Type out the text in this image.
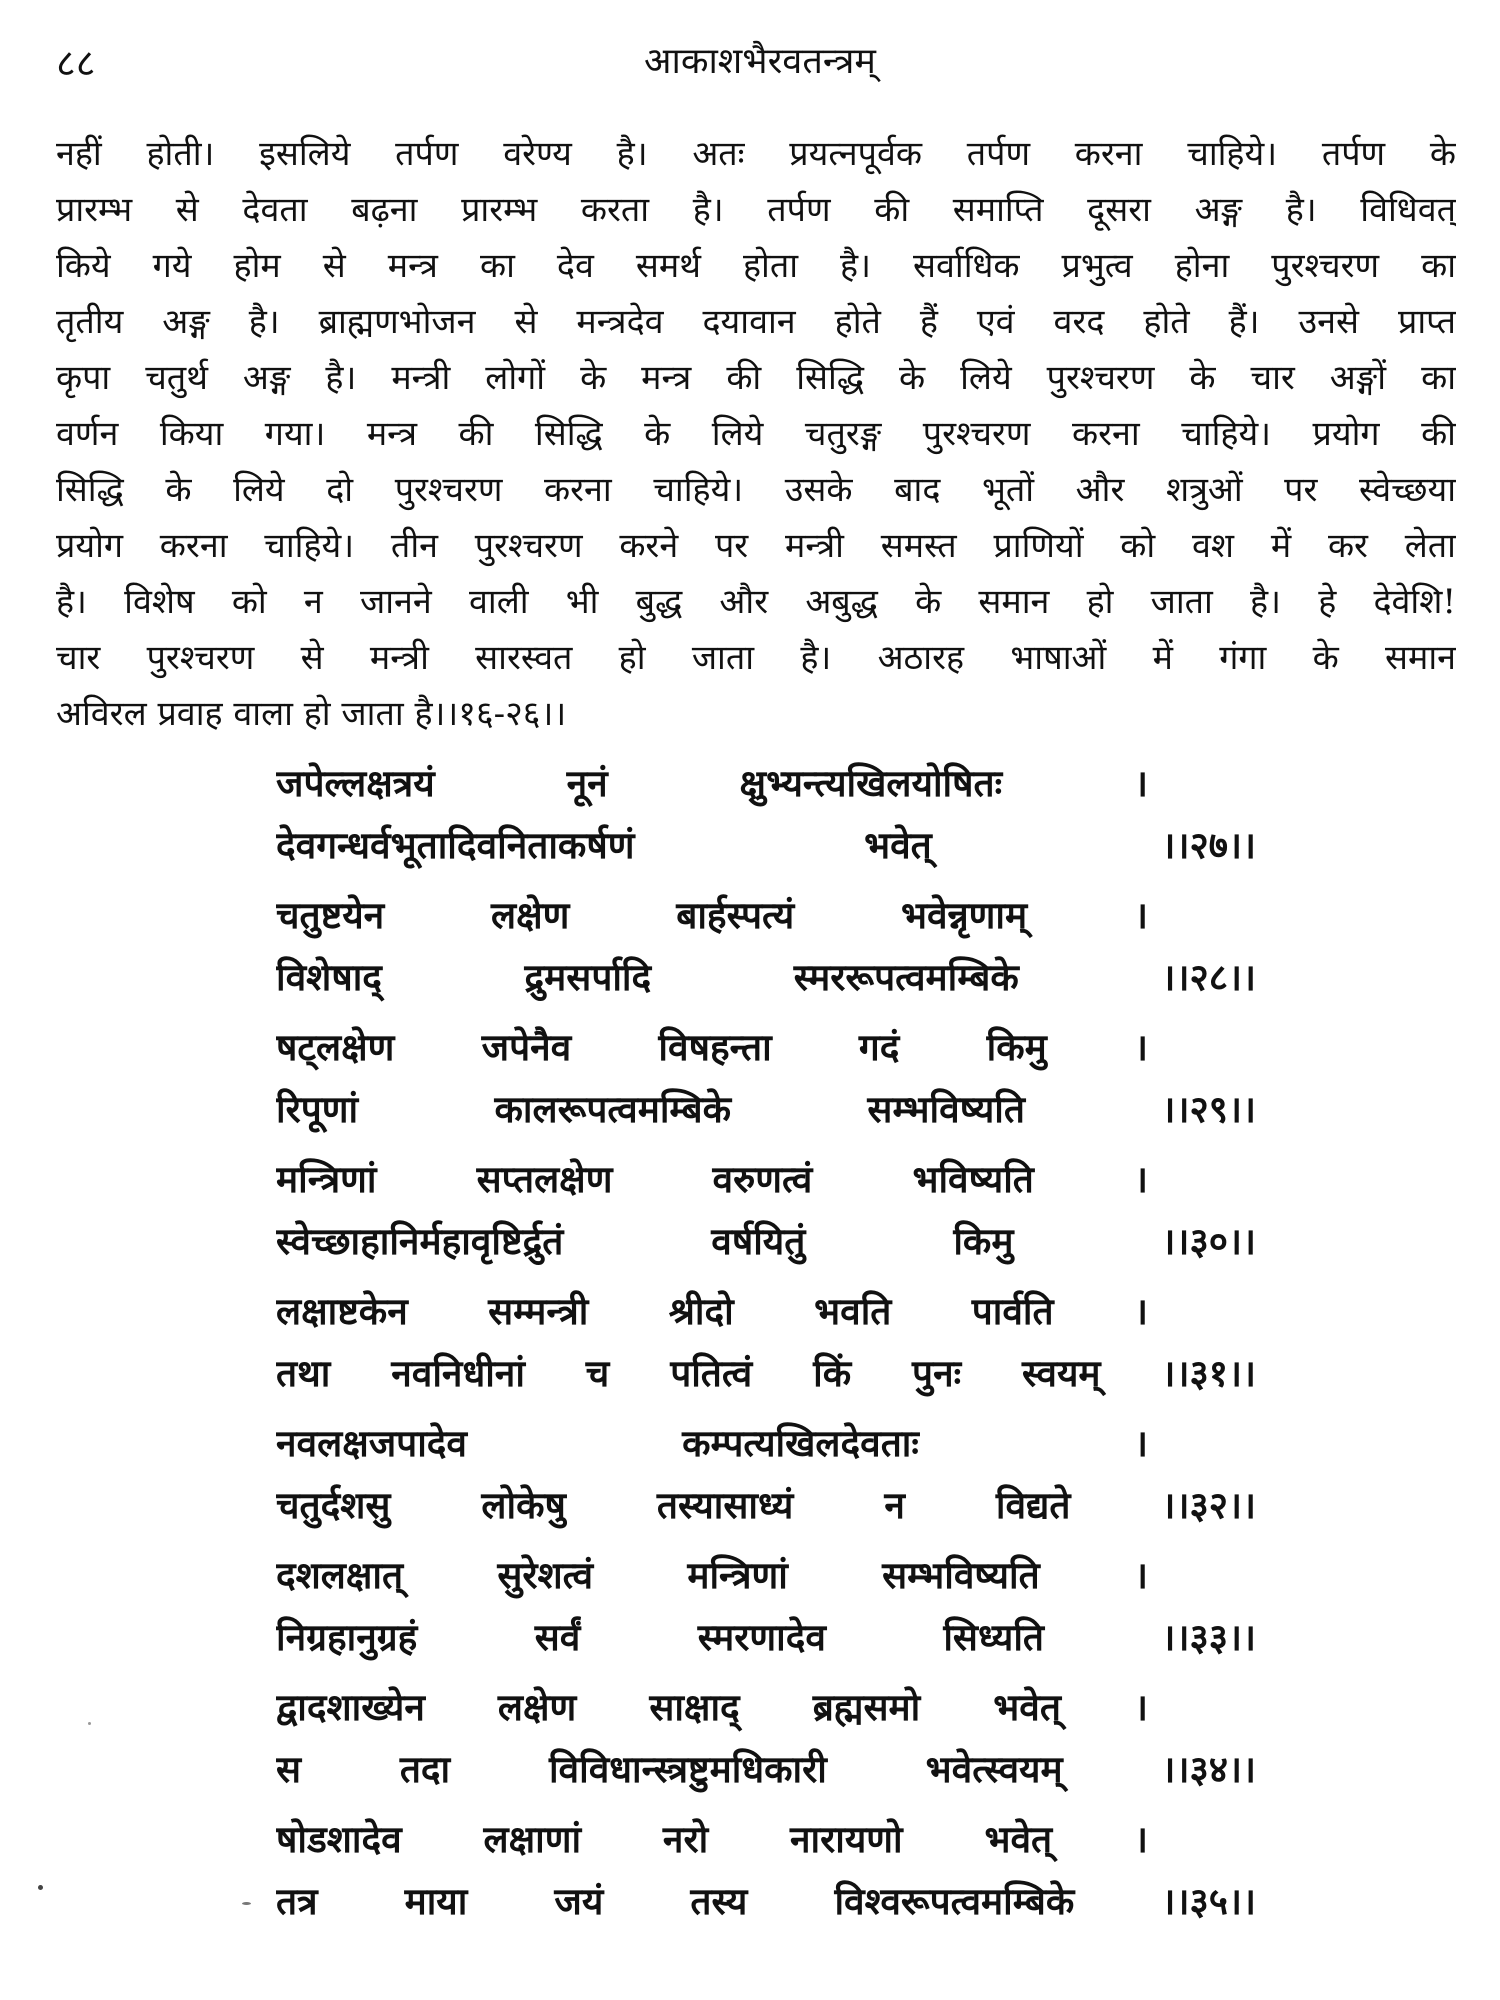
८८	आकाशभैरवतन्त्रम्
नहीं होती। इसलिये तर्पण वरेण्य है। अतः प्रयत्नपूर्वक तर्पण करना चाहिये। तर्पण के
प्रारम्भ से देवता बढ़ना प्रारम्भ करता है। तर्पण की समाप्ति दूसरा अङ्ग है। विधिवत्
किये गये होम से मन्त्र का देव समर्थ होता है। सर्वाधिक प्रभुत्व होना पुरश्चरण का
तृतीय अङ्ग है। ब्राह्मणभोजन से मन्त्रदेव दयावान होते हैं एवं वरद होते हैं। उनसे प्राप्त
कृपा चतुर्थ अङ्ग है। मन्त्री लोगों के मन्त्र की सिद्धि के लिये पुरश्चरण के चार अङ्गों का
वर्णन किया गया। मन्त्र की सिद्धि के लिये चतुरङ्ग पुरश्चरण करना चाहिये। प्रयोग की
सिद्धि के लिये दो पुरश्चरण करना चाहिये। उसके बाद भूतों और शत्रुओं पर स्वेच्छया
प्रयोग करना चाहिये। तीन पुरश्चरण करने पर मन्त्री समस्त प्राणियों को वश में कर लेता
है। विशेष को न जानने वाली भी बुद्ध और अबुद्ध के समान हो जाता है। हे देवेशि!
चार पुरश्चरण से मन्त्री सारस्वत हो जाता है। अठारह भाषाओं में गंगा के समान
अविरल प्रवाह वाला हो जाता है।।१६-२६।।
जपेल्लक्षत्रयं नूनं क्षुभ्यन्त्यखिलयोषितः ।
देवगन्धर्वभूतादिवनिताकर्षणं भवेत् ।।२७।।
चतुष्टयेन लक्षेण बार्हस्पत्यं भवेन्नृणाम् ।
विशेषाद् द्रुमसर्पादि स्मररूपत्वमम्बिके ।।२८।।
षट्लक्षेण जपेनैव विषहन्ता गदं किमु ।
रिपूणां कालरूपत्वमम्बिके सम्भविष्यति ।।२९।।
मन्त्रिणां सप्तलक्षेण वरुणत्वं भविष्यति ।
स्वेच्छाहानिर्महावृष्टिर्द्रुतं वर्षयितुं किमु ।।३०।।
लक्षाष्टकेन सम्मन्त्री श्रीदो भवति पार्वति ।
तथा नवनिधीनां च पतित्वं किं पुनः स्वयम् ।।३१।।
नवलक्षजपादेव कम्पत्यखिलदेवताः ।
चतुर्दशसु लोकेषु तस्यासाध्यं न विद्यते ।।३२।।
दशलक्षात् सुरेशत्वं मन्त्रिणां सम्भविष्यति ।
निग्रहानुग्रहं सर्वं स्मरणादेव सिध्यति ।।३३।।
द्वादशाख्येन लक्षेण साक्षाद् ब्रह्मसमो भवेत् ।
स तदा विविधान्स्त्रष्टुमधिकारी भवेत्स्वयम् ।।३४।।
षोडशादेव लक्षाणां नरो नारायणो भवेत् ।
तत्र माया जयं तस्य विश्वरूपत्वमम्बिके ।।३५।।
